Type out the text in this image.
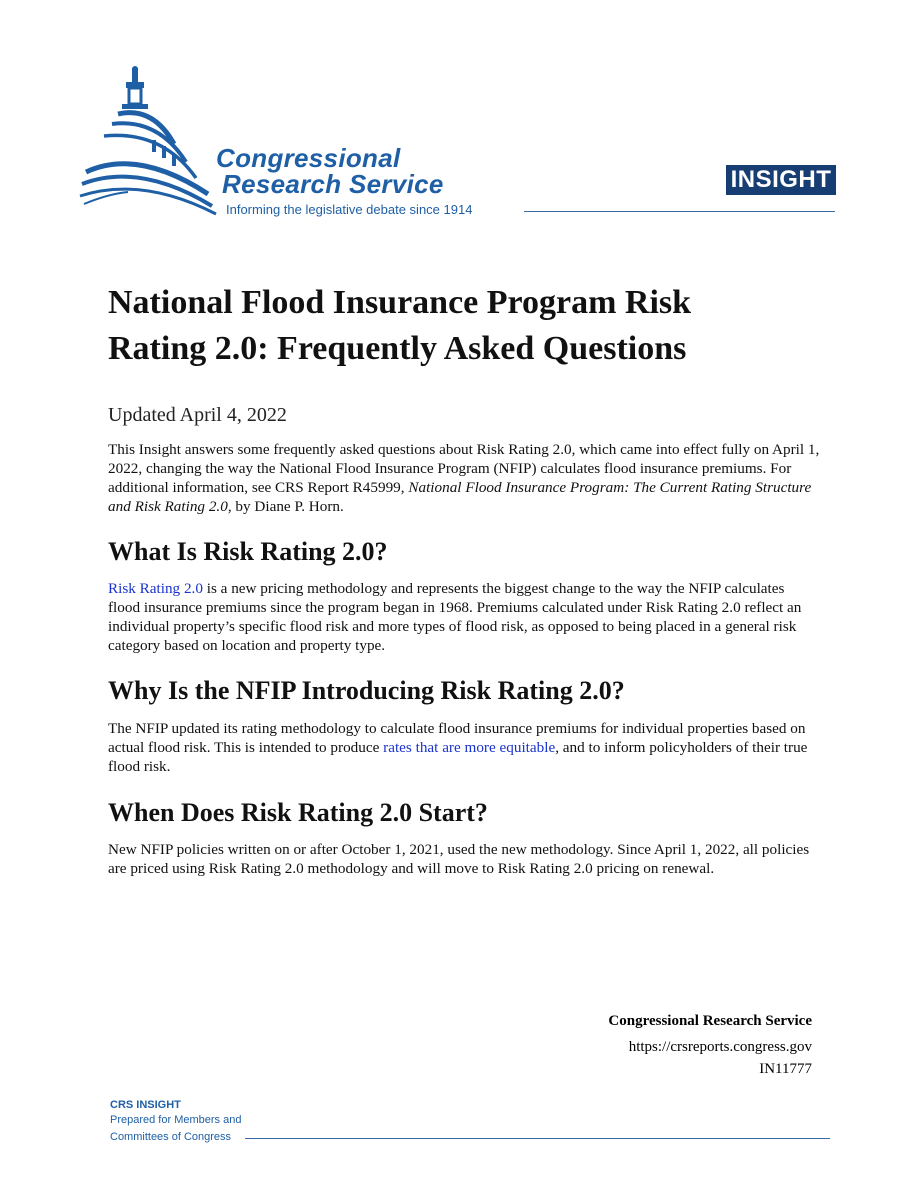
Congressional
Research Service
Informing the legislative debate since 1914
INSIGHT
National Flood Insurance Program Risk
Rating 2.0: Frequently Asked Questions
Updated April 4, 2022
This Insight answers some frequently asked questions about Risk Rating 2.0, which came into effect fully on April 1, 2022, changing the way the National Flood Insurance Program (NFIP) calculates flood insurance premiums. For additional information, see CRS Report R45999, National Flood Insurance Program: The Current Rating Structure and Risk Rating 2.0, by Diane P. Horn.
What Is Risk Rating 2.0?
Risk Rating 2.0 is a new pricing methodology and represents the biggest change to the way the NFIP calculates flood insurance premiums since the program began in 1968. Premiums calculated under Risk Rating 2.0 reflect an individual property’s specific flood risk and more types of flood risk, as opposed to being placed in a general risk category based on location and property type.
Why Is the NFIP Introducing Risk Rating 2.0?
The NFIP updated its rating methodology to calculate flood insurance premiums for individual properties based on actual flood risk. This is intended to produce rates that are more equitable, and to inform policyholders of their true flood risk.
When Does Risk Rating 2.0 Start?
New NFIP policies written on or after October 1, 2021, used the new methodology. Since April 1, 2022, all policies are priced using Risk Rating 2.0 methodology and will move to Risk Rating 2.0 pricing on renewal.
Congressional Research Service
https://crsreports.congress.gov
IN11777
CRS INSIGHT
Prepared for Members and
Committees of Congress
